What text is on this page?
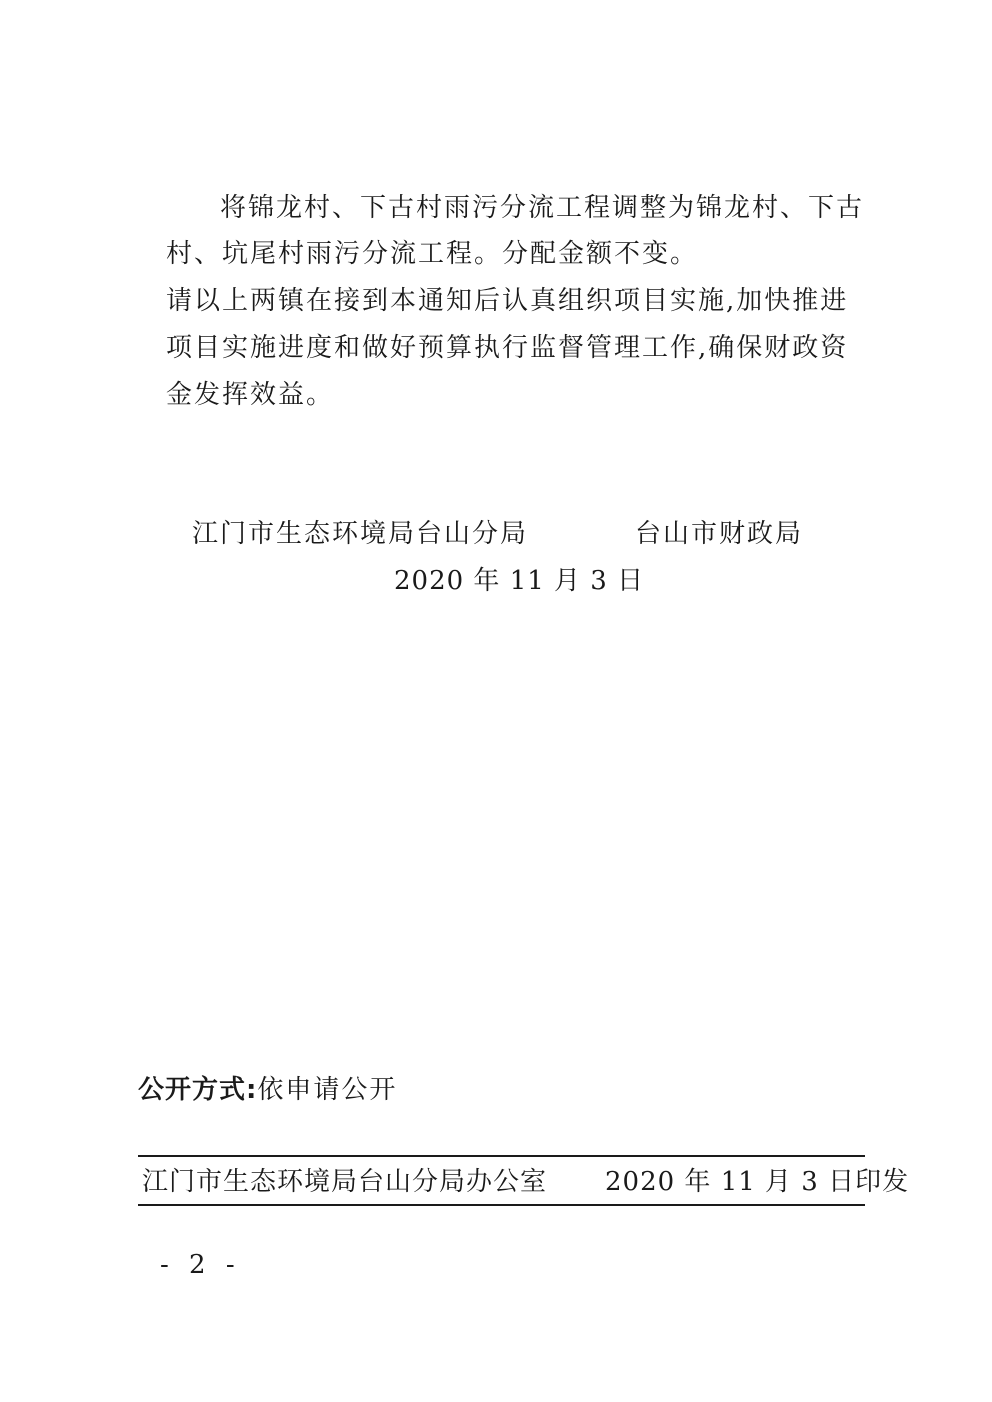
将锦龙村、下古村雨污分流工程调整为锦龙村、下古
村、坑尾村雨污分流工程。分配金额不变。
请以上两镇在接到本通知后认真组织项目实施,加快推进
项目实施进度和做好预算执行监督管理工作,确保财政资
金发挥效益。
江门市生态环境局台山分局	台山市财政局
2020 年 11 月 3 日
公开方式:依申请公开
江门市生态环境局台山分局办公室 2020 年 11 月 3 日印发
- 2 -
